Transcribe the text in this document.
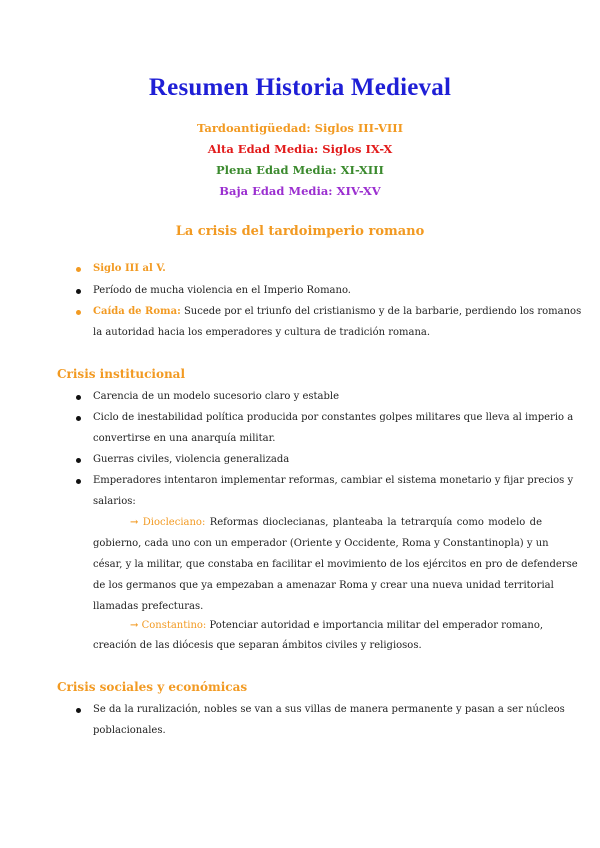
Resumen Historia Medieval
Tardoantigüedad: Siglos III-VIII
Alta Edad Media: Siglos IX-X
Plena Edad Media: XI-XIII
Baja Edad Media: XIV-XV
La crisis del tardoimperio romano
Siglo III al V.
Período de mucha violencia en el Imperio Romano.
Caída de Roma: Sucede por el triunfo del cristianismo y de la barbarie, perdiendo los romanos
la autoridad hacia los emperadores y cultura de tradición romana.
Crisis institucional
Carencia de un modelo sucesorio claro y estable
Ciclo de inestabilidad política producida por constantes golpes militares que lleva al imperio a
convertirse en una anarquía militar.
Guerras civiles, violencia generalizada
Emperadores intentaron implementar reformas, cambiar el sistema monetario y fijar precios y
salarios:
→ Diocleciano: Reformas dioclecianas, planteaba la tetrarquía como modelo de
gobierno, cada uno con un emperador (Oriente y Occidente, Roma y Constantinopla) y un
césar, y la militar, que constaba en facilitar el movimiento de los ejércitos en pro de defenderse
de los germanos que ya empezaban a amenazar Roma y crear una nueva unidad territorial
llamadas prefecturas.
→ Constantino: Potenciar autoridad e importancia militar del emperador romano,
creación de las diócesis que separan ámbitos civiles y religiosos.
Crisis sociales y económicas
Se da la ruralización, nobles se van a sus villas de manera permanente y pasan a ser núcleos
poblacionales.
